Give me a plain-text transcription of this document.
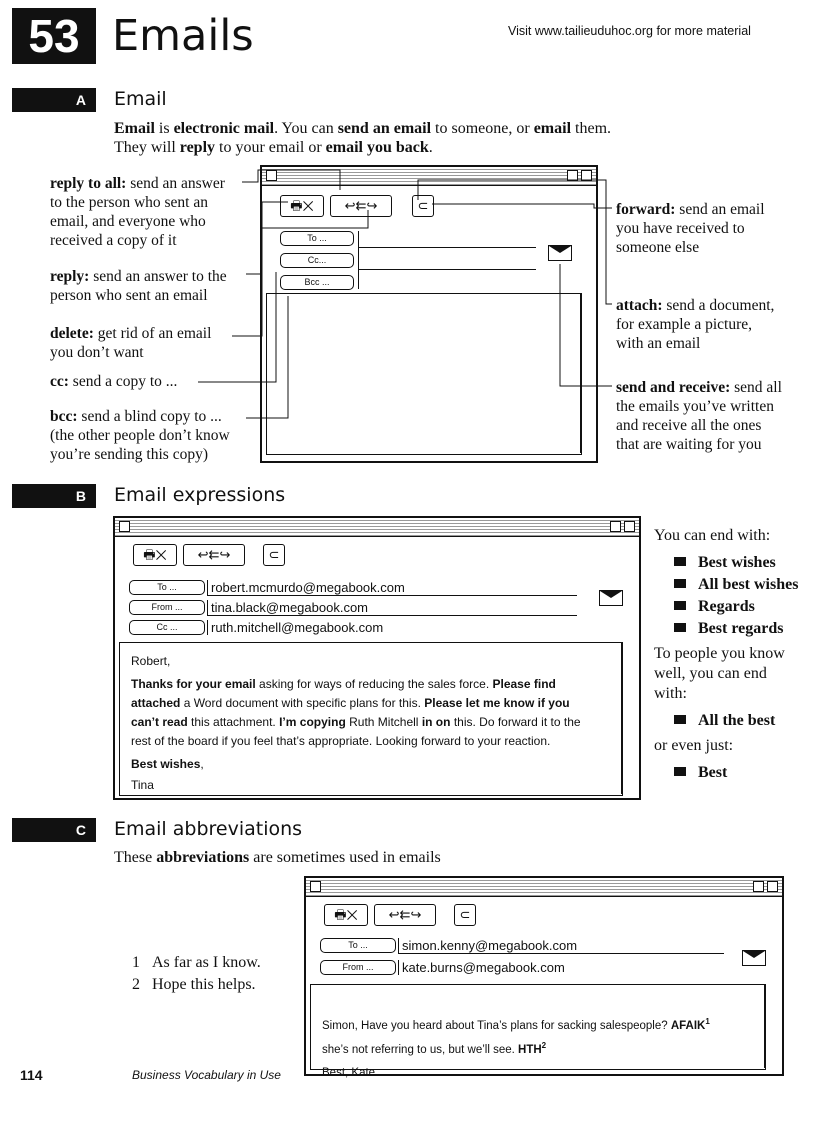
53 Emails	Visit www.tailieuduhoc.org for more material
A	Email
Email is electronic mail. You can send an email to someone, or email them.
They will reply to your email or email you back.
reply to all: send an answer
to the person who sent an
email, and everyone who
received a copy of it
reply: send an answer to the
person who sent an email
delete: get rid of an email
you don’t want
cc: send a copy to ...
bcc: send a blind copy to ...
(the other people don’t know
you’re sending this copy)
forward: send an email
you have received to
someone else
attach: send a document,
for example a picture,
with an email
send and receive: send all
the emails you’ve written
and receive all the ones
that are waiting for you
🖶✕	↩⇇↪	⊂
To ...
Cc...
Bcc ...
B	Email expressions
🖶✕	↩⇇↪	⊂
To ...	robert.mcmurdo@megabook.com
From ...	tina.black@megabook.com
Cc ...	ruth.mitchell@megabook.com
Robert,
Thanks for your email asking for ways of reducing the sales force. Please find
attached a Word document with specific plans for this. Please let me know if you
can’t read this attachment. I’m copying Ruth Mitchell in on this. Do forward it to the
rest of the board if you feel that’s appropriate. Looking forward to your reaction.
Best wishes,
Tina
You can end with:
Best wishes
All best wishes
Regards
Best regards
To people you know
well, you can end
with:
All the best
or even just:
Best
C	Email abbreviations
These abbreviations are sometimes used in emails
1 As far as I know.
2 Hope this helps.
🖶✕	↩⇇↪	⊂
To ...	simon.kenny@megabook.com
From ...	kate.burns@megabook.com
Simon, Have you heard about Tina’s plans for sacking salespeople? AFAIK$^1$
she’s not referring to us, but we’ll see. HTH$^2$
Best, Kate
114	Business Vocabulary in Use
